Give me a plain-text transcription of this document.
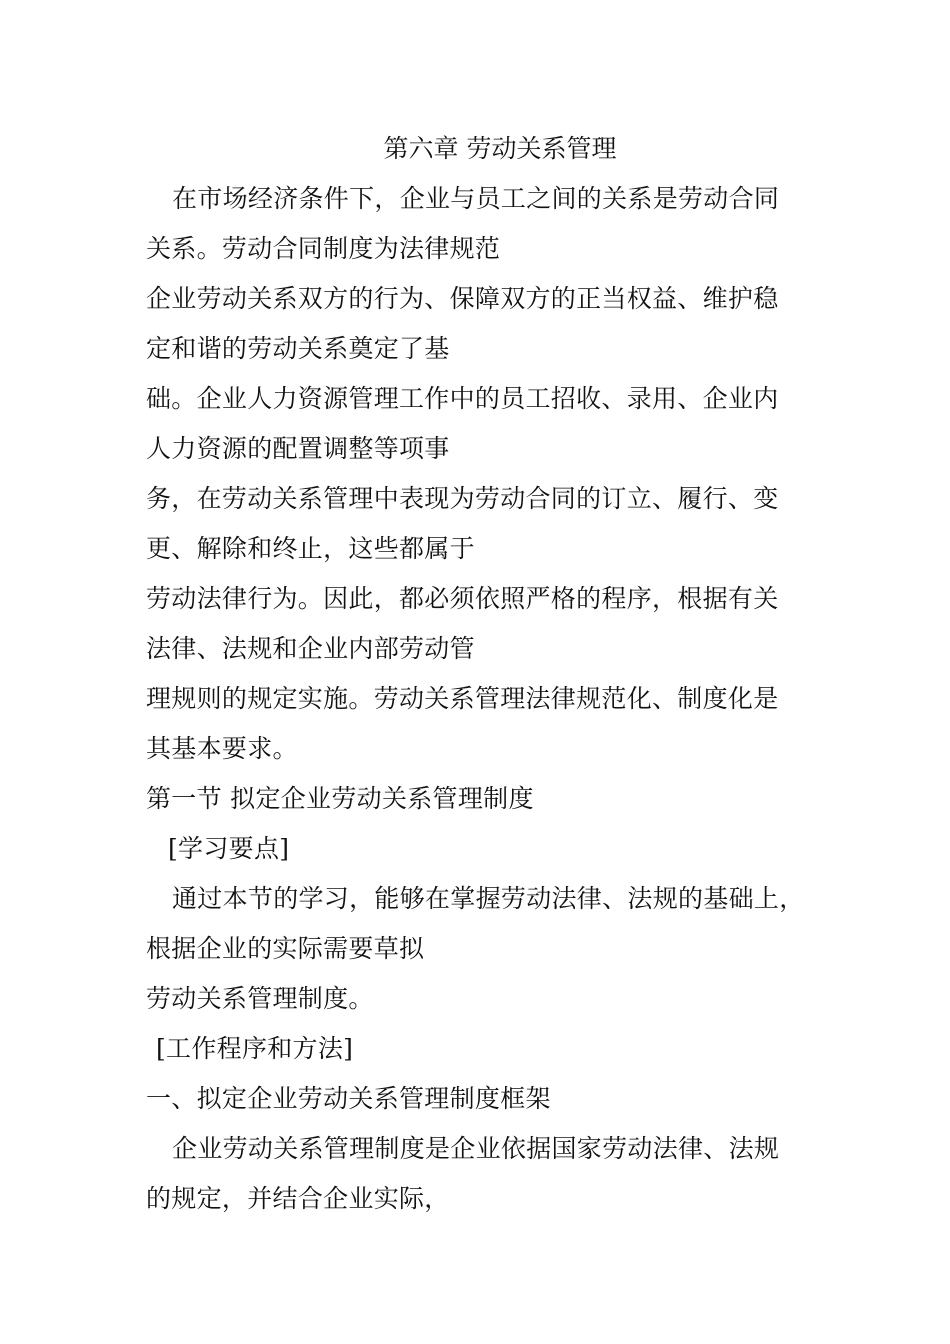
第六章 劳动关系管理
在市场经济条件下，企业与员工之间的关系是劳动合同
关系。劳动合同制度为法律规范
企业劳动关系双方的行为、保障双方的正当权益、维护稳
定和谐的劳动关系奠定了基
础。企业人力资源管理工作中的员工招收、录用、企业内
人力资源的配置调整等项事
务，在劳动关系管理中表现为劳动合同的订立、履行、变
更、解除和终止，这些都属于
劳动法律行为。因此，都必须依照严格的程序，根据有关
法律、法规和企业内部劳动管
理规则的规定实施。劳动关系管理法律规范化、制度化是
其基本要求。
第一节 拟定企业劳动关系管理制度
[学习要点]
通过本节的学习，能够在掌握劳动法律、法规的基础上，
根据企业的实际需要草拟
劳动关系管理制度。
[工作程序和方法]
一、拟定企业劳动关系管理制度框架
企业劳动关系管理制度是企业依据国家劳动法律、法规
的规定，并结合企业实际，
